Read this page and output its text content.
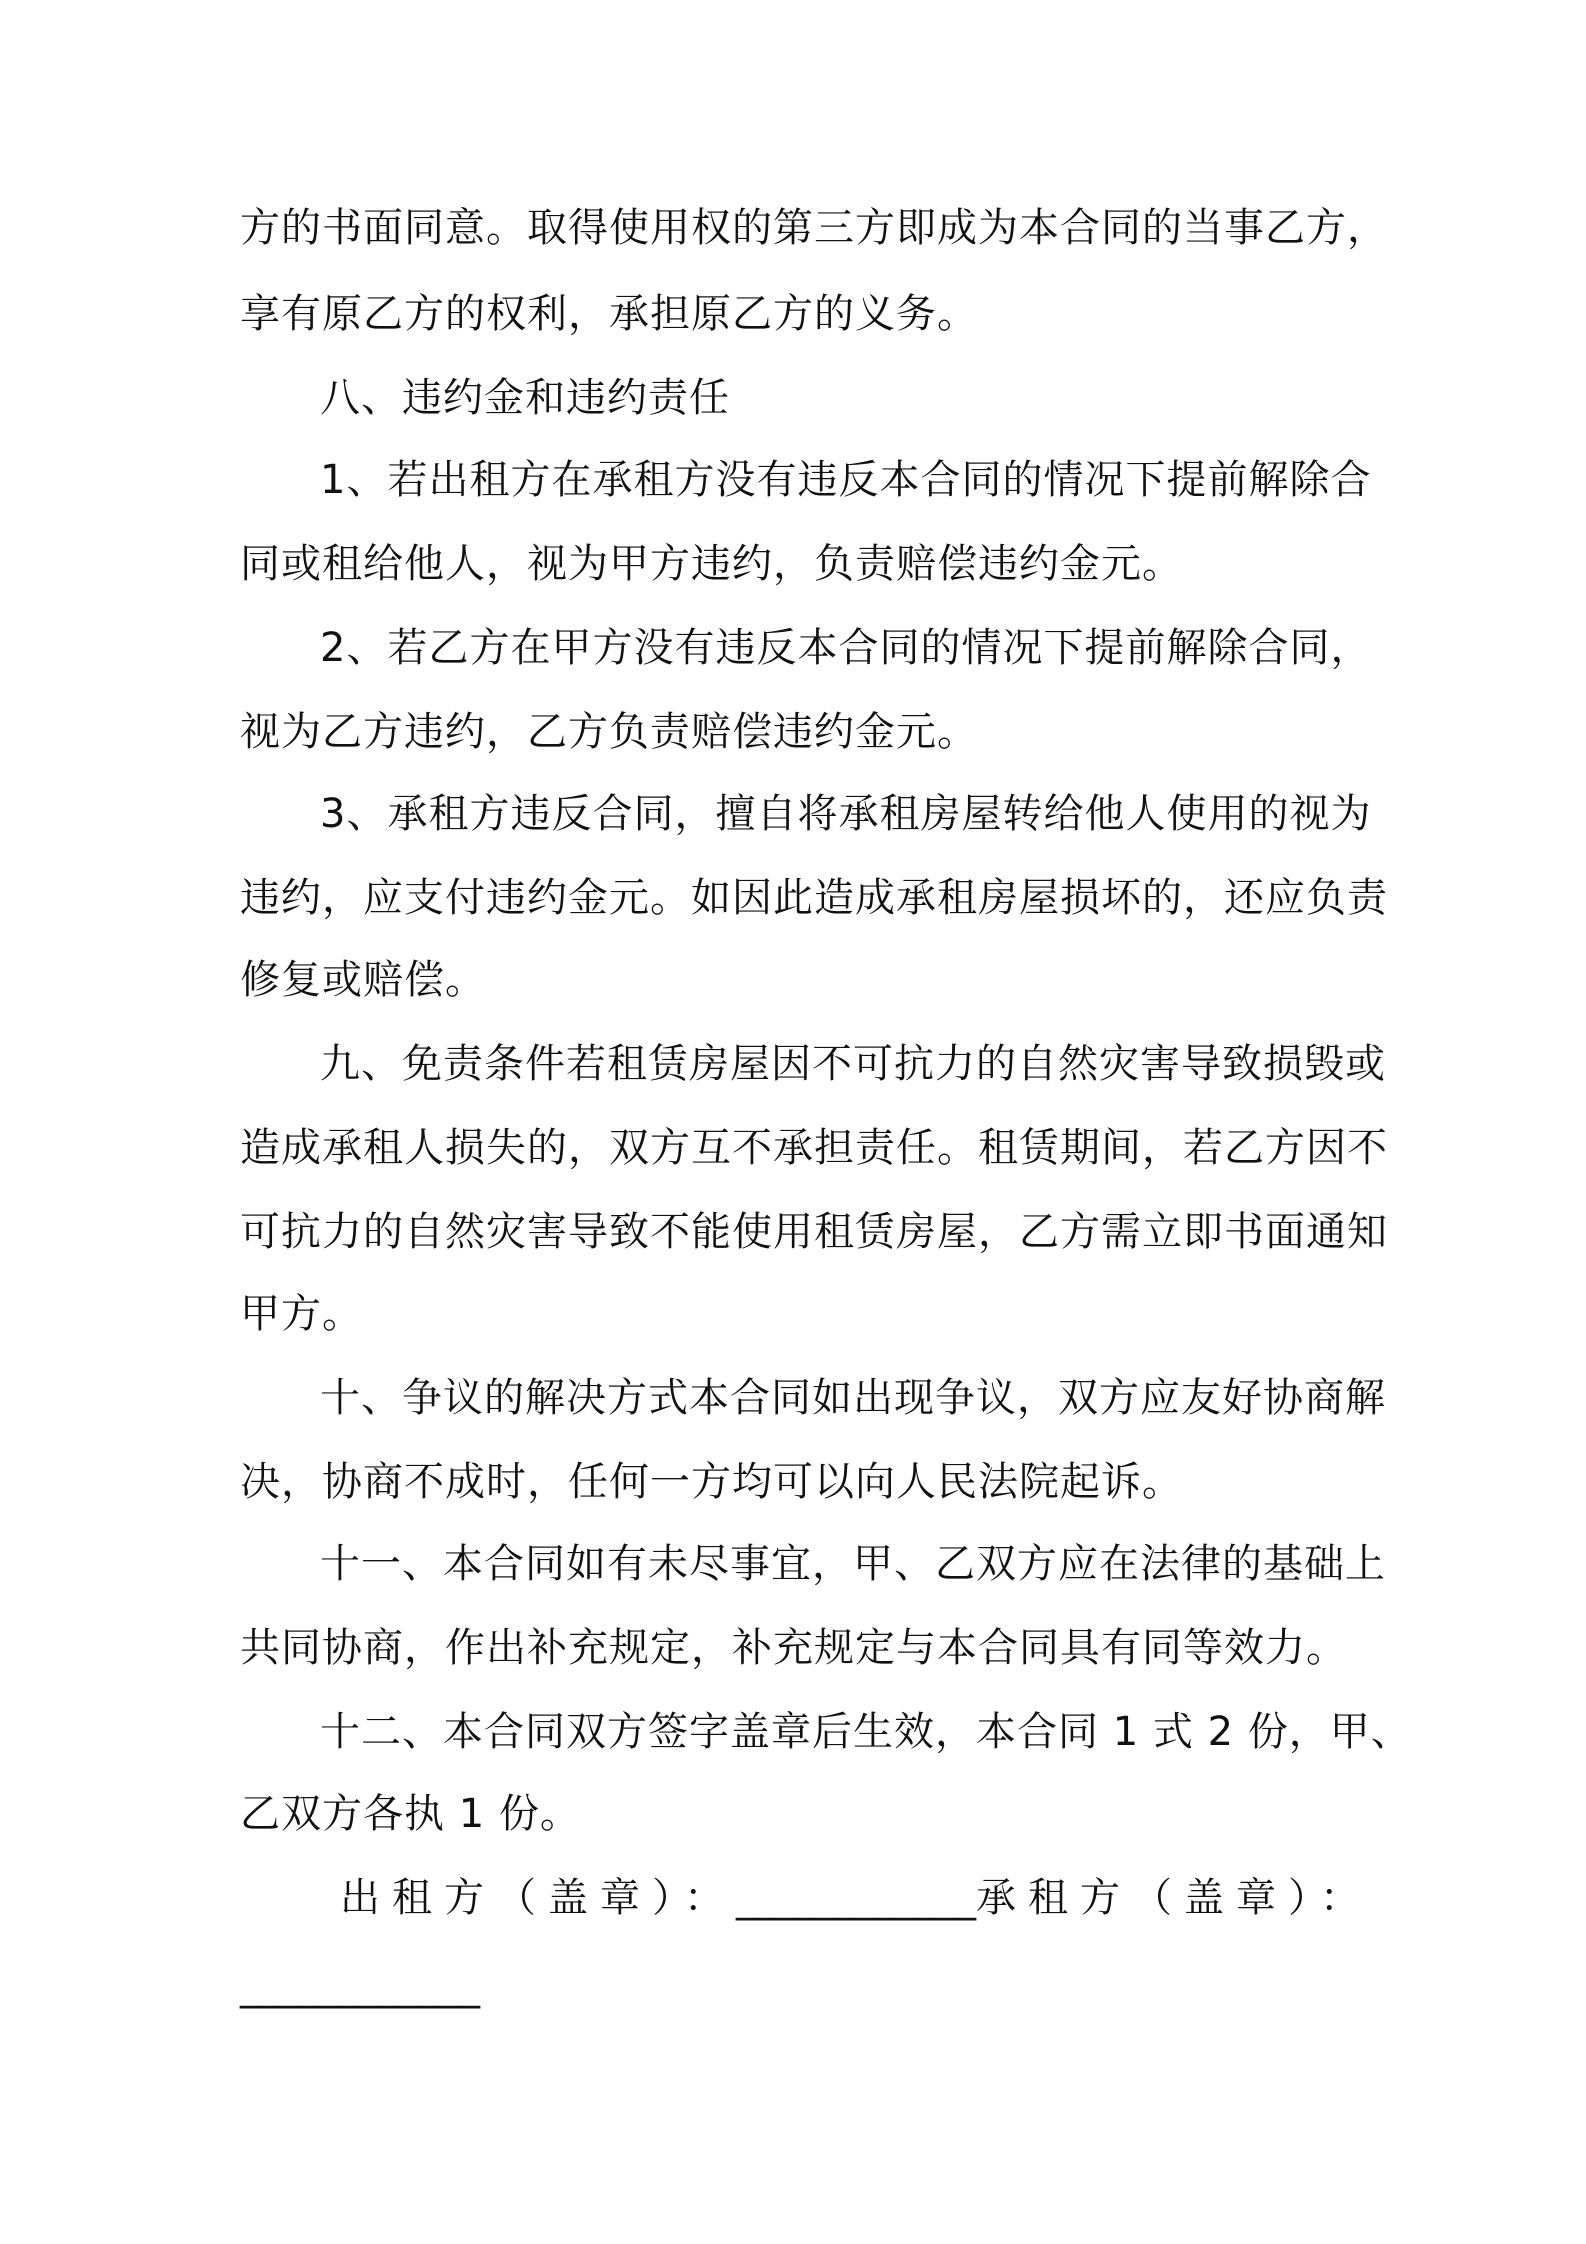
方的书面同意。取得使用权的第三方即成为本合同的当事乙方，
享有原乙方的权利，承担原乙方的义务。
八、违约金和违约责任
1、若出租方在承租方没有违反本合同的情况下提前解除合
同或租给他人，视为甲方违约，负责赔偿违约金元。
2、若乙方在甲方没有违反本合同的情况下提前解除合同，
视为乙方违约，乙方负责赔偿违约金元。
3、承租方违反合同，擅自将承租房屋转给他人使用的视为
违约，应支付违约金元。如因此造成承租房屋损坏的，还应负责
修复或赔偿。
九、免责条件若租赁房屋因不可抗力的自然灾害导致损毁或
造成承租人损失的，双方互不承担责任。租赁期间，若乙方因不
可抗力的自然灾害导致不能使用租赁房屋，乙方需立即书面通知
甲方。
十、争议的解决方式本合同如出现争议，双方应友好协商解
决，协商不成时，任何一方均可以向人民法院起诉。
十一、本合同如有未尽事宜，甲、乙双方应在法律的基础上
共同协商，作出补充规定，补充规定与本合同具有同等效力。
十二、本合同双方签字盖章后生效，本合同 1 式 2 份，甲、
乙双方各执 1 份。
出租方（盖章）：____________承租方（盖章）：
____________
